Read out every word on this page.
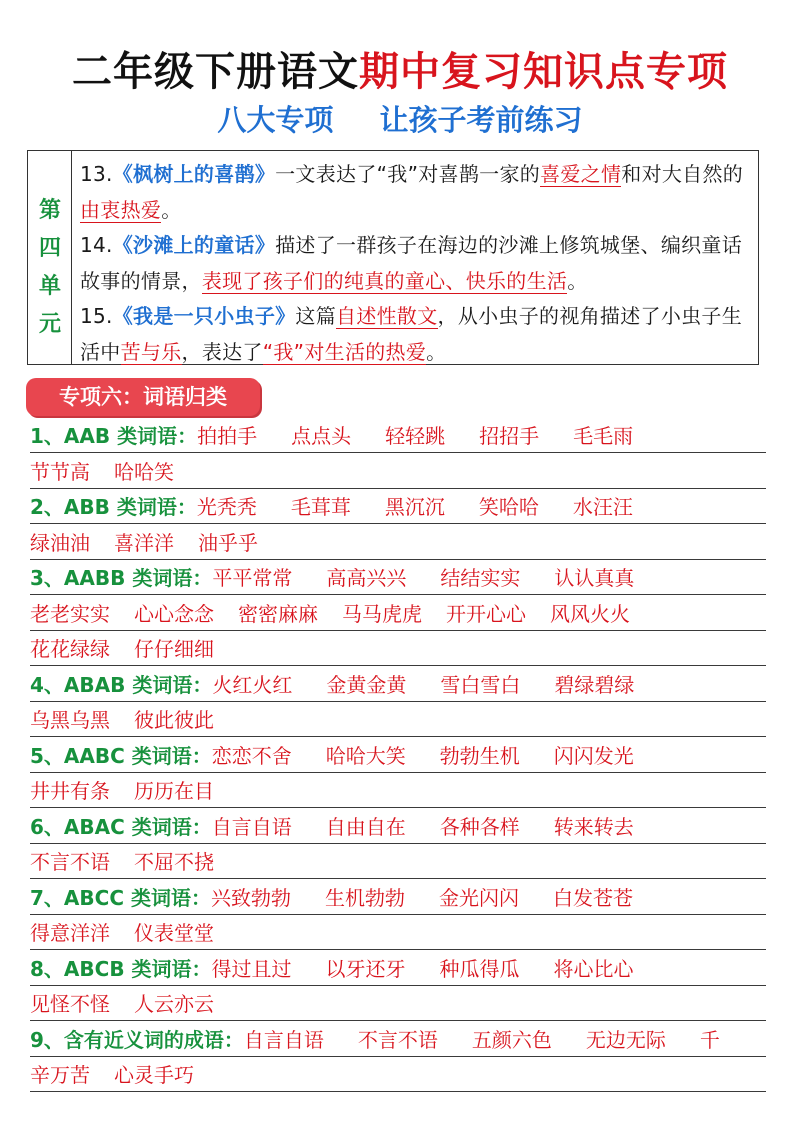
二年级下册语文期中复习知识点专项
八大专项 让孩子考前练习
第
四
单
元
13.《枫树上的喜鹊》一文表达了“我”对喜鹊一家的喜爱之情和对大自然的由衷热爱。
14.《沙滩上的童话》描述了一群孩子在海边的沙滩上修筑城堡、编织童话故事的情景，表现了孩子们的纯真的童心、快乐的生活。
15.《我是一只小虫子》这篇自述性散文，从小虫子的视角描述了小虫子生活中苦与乐，表达了“我”对生活的热爱。
专项六：词语归类
1、AAB 类词语：拍拍手 点点头 轻轻跳 招招手 毛毛雨
节节高 哈哈笑
2、ABB 类词语：光秃秃 毛茸茸 黑沉沉 笑哈哈 水汪汪
绿油油 喜洋洋 油乎乎
3、AABB 类词语：平平常常 高高兴兴 结结实实 认认真真
老老实实 心心念念 密密麻麻 马马虎虎 开开心心 风风火火
花花绿绿 仔仔细细
4、ABAB 类词语：火红火红 金黄金黄 雪白雪白 碧绿碧绿
乌黑乌黑 彼此彼此
5、AABC 类词语：恋恋不舍 哈哈大笑 勃勃生机 闪闪发光
井井有条 历历在目
6、ABAC 类词语：自言自语 自由自在 各种各样 转来转去
不言不语 不屈不挠
7、ABCC 类词语：兴致勃勃 生机勃勃 金光闪闪 白发苍苍
得意洋洋 仪表堂堂
8、ABCB 类词语：得过且过 以牙还牙 种瓜得瓜 将心比心
见怪不怪 人云亦云
9、含有近义词的成语：自言自语 不言不语 五颜六色 无边无际 千
辛万苦 心灵手巧
